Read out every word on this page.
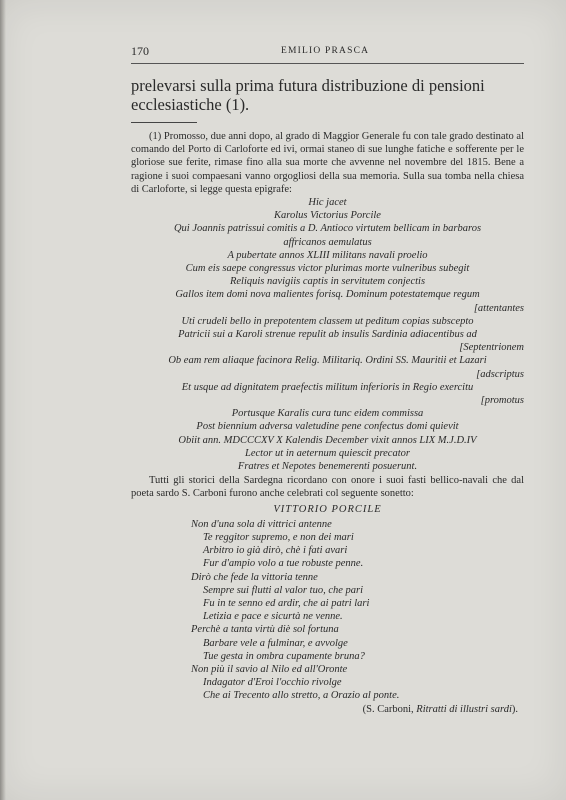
170	EMILIO PRASCA

prelevarsi sulla prima futura distribuzione di pensioni ecclesiastiche (1).

(1) Promosso, due anni dopo, al grado di Maggior Generale fu con tale grado destinato al comando del Porto di Carloforte ed ivi, ormai staneo di sue lunghe fatiche e sofferente per le gloriose sue ferite, rimase fino alla sua morte che avvenne nel novembre del 1815. Bene a ragione i suoi compaesani vanno orgogliosi della sua memoria. Sulla sua tomba nella chiesa di Carloforte, si legge questa epigrafe:

Hic jacet
Karolus Victorius Porcile
Qui Joannis patrissui comitis a D. Antioco virtutem bellicam in barbaros
affricanos aemulatus
A pubertate annos XLIII militans navali proelio
Cum eis saepe congressus victor plurimas morte vulneribus subegit
Reliquis navigiis captis in servitutem conjectis
Gallos item domi nova malientes forisq. Dominum potestatemque regum
[attentantes
Uti crudeli bello in prepotentem classem ut peditum copias subscepto
Patricii sui a Karoli strenue repulit ab insulis Sardinia adiacentibus ad
[Septentrionem
Ob eam rem aliaque facinora Relig. Militariq. Ordini SS. Mauritii et Lazari
[adscriptus
Et usque ad dignitatem praefectis militum inferioris in Regio exercitu
[promotus
Portusque Karalis cura tunc eidem commissa
Post biennium adversa valetudine pene confectus domi quievit
Obiit ann. MDCCCXV X Kalendis December vixit annos LIX M.J.D.IV
Lector ut in aeternum quiescit precator
Fratres et Nepotes benemerenti posuerunt.

Tutti gli storici della Sardegna ricordano con onore i suoi fasti bellico-navali che dal poeta sardo S. Carboni furono anche celebrati col seguente sonetto:

VITTORIO PORCILE
Non d'una sola di vittrici antenne
Te reggitor supremo, e non dei mari
Arbitro io già dirò, chè i fati avari
Fur d'ampio volo a tue robuste penne.
Dirò che fede la vittoria tenne
Sempre sui flutti al valor tuo, che pari
Fu in te senno ed ardir, che ai patri lari
Letizia e pace e sicurtà ne venne.
Perchè a tanta virtù diè sol fortuna
Barbare vele a fulminar, e avvolge
Tue gesta in ombra cupamente bruna?
Non più il savio al Nilo ed all'Oronte
Indagator d'Eroi l'occhio rivolge
Che ai Trecento allo stretto, a Orazio al ponte.
(S. Carboni, Ritratti di illustri sardi).
